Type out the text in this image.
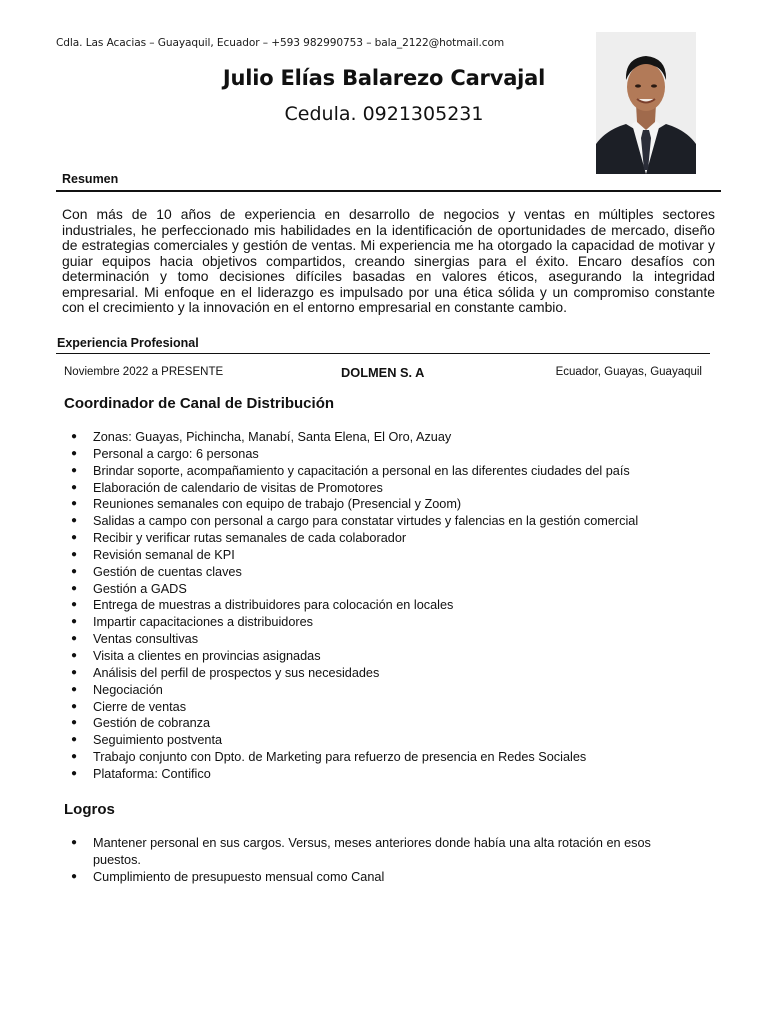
Cdla. Las Acacias – Guayaquil, Ecuador – +593 982990753 – bala_2122@hotmail.com
Julio Elías Balarezo Carvajal
Cedula. 0921305231
Resumen
Con más de 10 años de experiencia en desarrollo de negocios y ventas en múltiples sectores industriales, he perfeccionado mis habilidades en la identificación de oportunidades de mercado, diseño de estrategias comerciales y gestión de ventas. Mi experiencia me ha otorgado la capacidad de motivar y guiar equipos hacia objetivos compartidos, creando sinergias para el éxito. Encaro desafíos con determinación y tomo decisiones difíciles basadas en valores éticos, asegurando la integridad empresarial. Mi enfoque en el liderazgo es impulsado por una ética sólida y un compromiso constante con el crecimiento y la innovación en el entorno empresarial en constante cambio.
Experiencia Profesional
Noviembre 2022 a PRESENTE	DOLMEN S. A	Ecuador, Guayas, Guayaquil
Coordinador de Canal de Distribución
● Zonas: Guayas, Pichincha, Manabí, Santa Elena, El Oro, Azuay
● Personal a cargo: 6 personas
● Brindar soporte, acompañamiento y capacitación a personal en las diferentes ciudades del país
● Elaboración de calendario de visitas de Promotores
● Reuniones semanales con equipo de trabajo (Presencial y Zoom)
● Salidas a campo con personal a cargo para constatar virtudes y falencias en la gestión comercial
● Recibir y verificar rutas semanales de cada colaborador
● Revisión semanal de KPI
● Gestión de cuentas claves
● Gestión a GADS
● Entrega de muestras a distribuidores para colocación en locales
● Impartir capacitaciones a distribuidores
● Ventas consultivas
● Visita a clientes en provincias asignadas
● Análisis del perfil de prospectos y sus necesidades
● Negociación
● Cierre de ventas
● Gestión de cobranza
● Seguimiento postventa
● Trabajo conjunto con Dpto. de Marketing para refuerzo de presencia en Redes Sociales
● Plataforma: Contifico
Logros
● Mantener personal en sus cargos. Versus, meses anteriores donde había una alta rotación en esos puestos.
● Cumplimiento de presupuesto mensual como Canal
